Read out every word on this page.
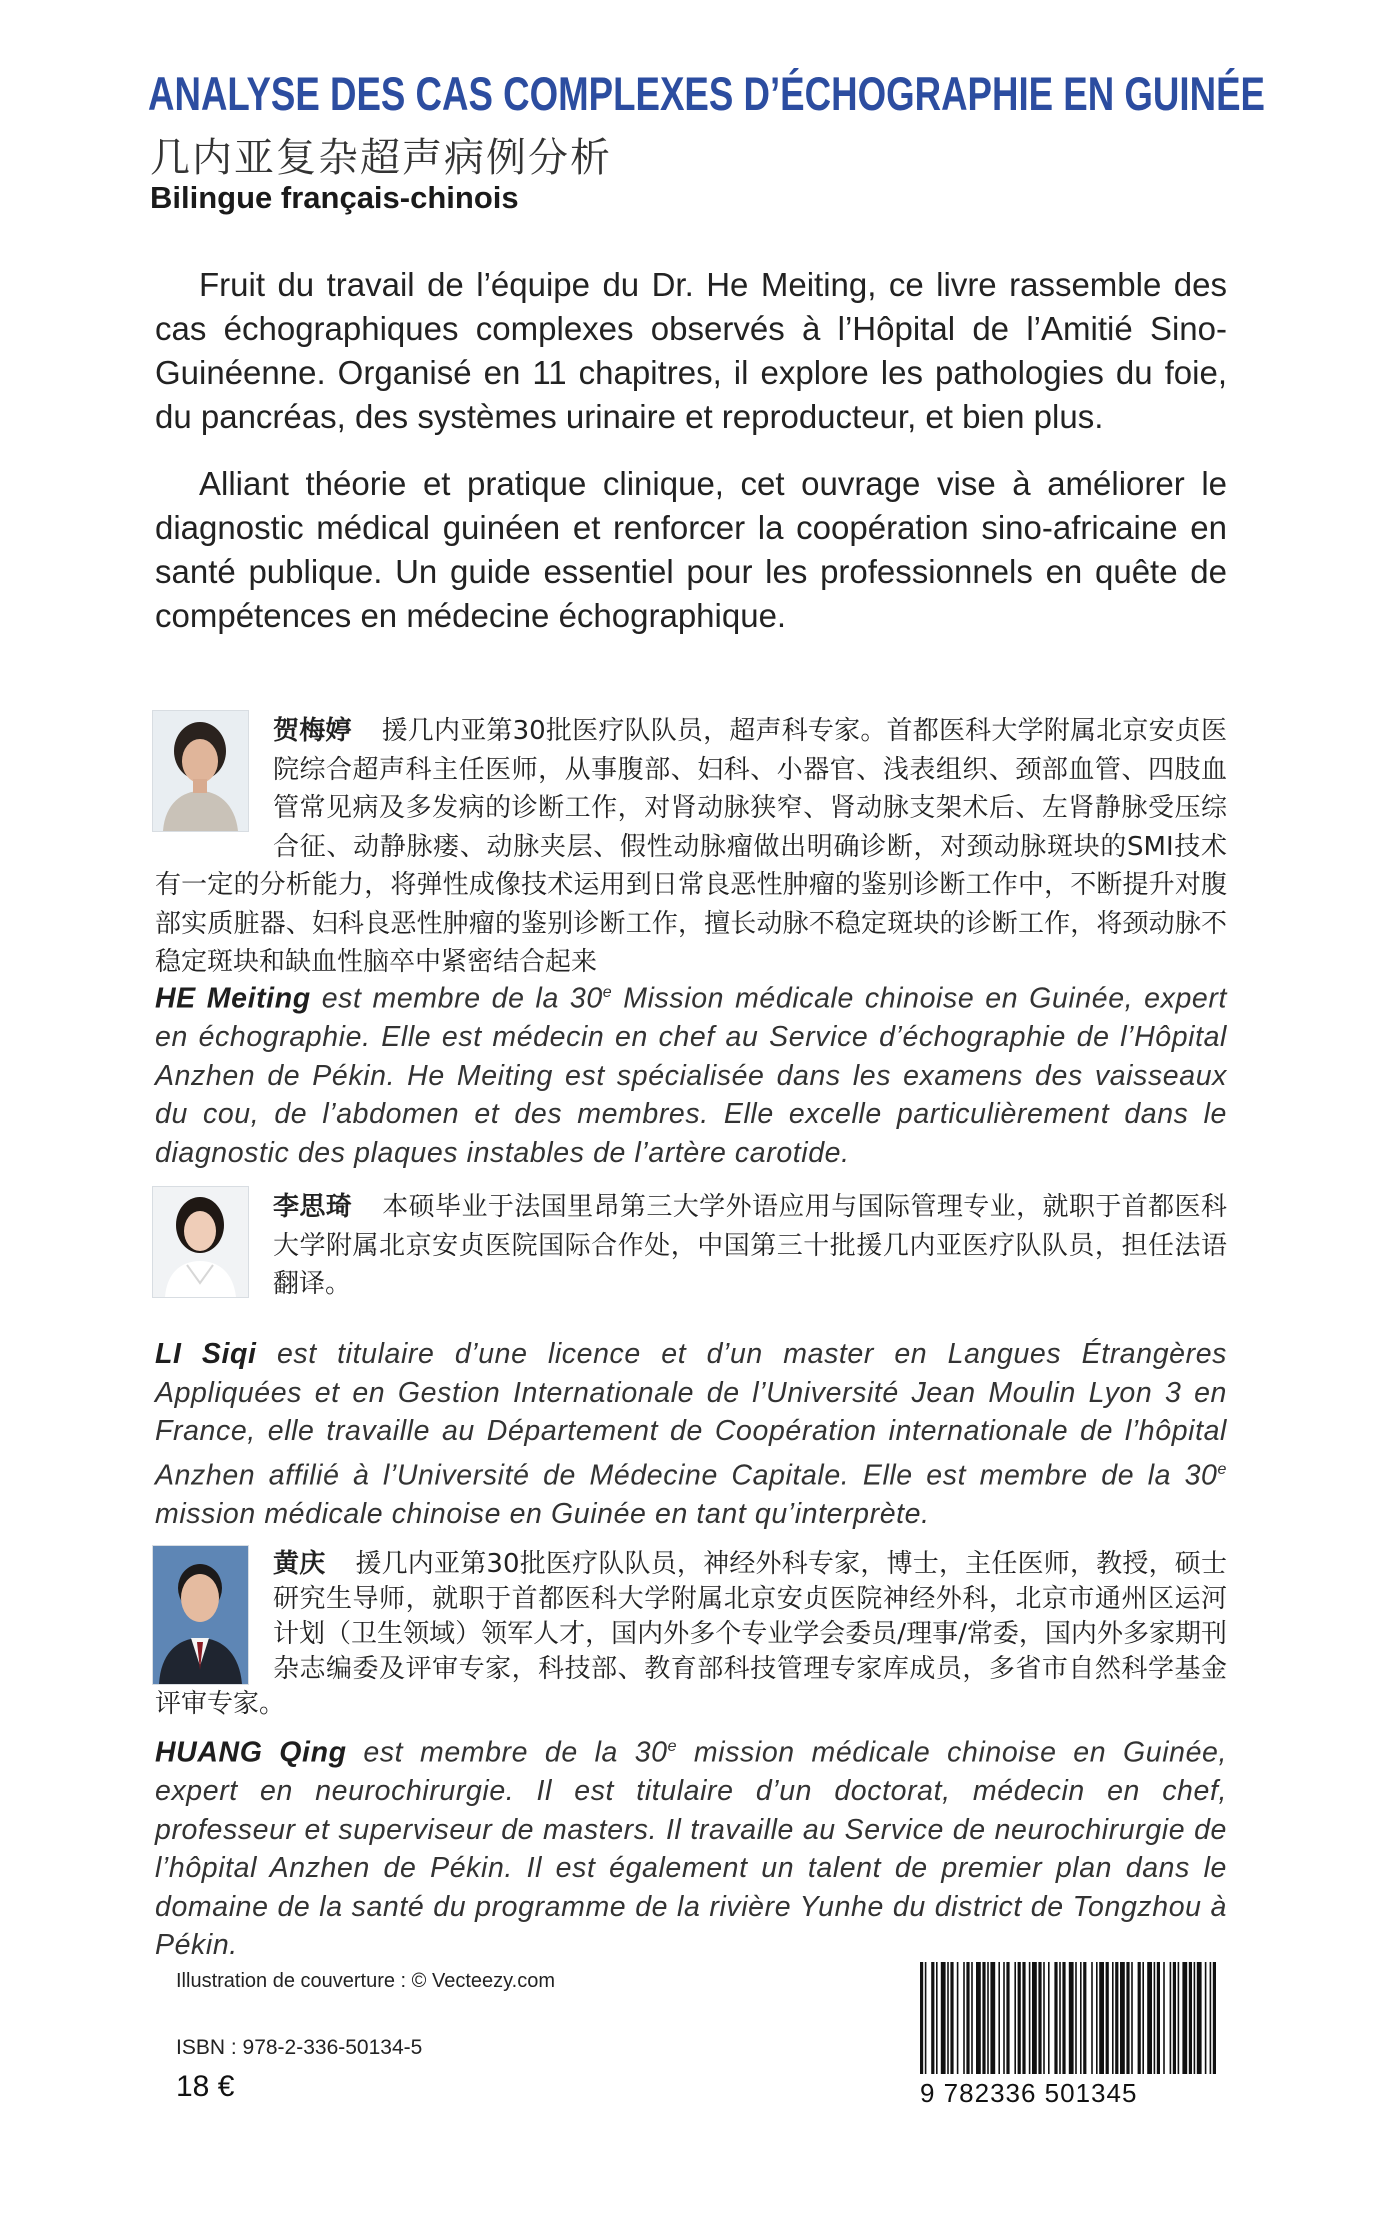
ANALYSE DES CAS COMPLEXES D’ÉCHOGRAPHIE EN GUINÉE
几内亚复杂超声病例分析
Bilingue français-chinois

Fruit du travail de l’équipe du Dr. He Meiting, ce livre rassemble des cas échographiques complexes observés à l’Hôpital de l’Amitié Sino-Guinéenne. Organisé en 11 chapitres, il explore les pathologies du foie, du pancréas, des systèmes urinaire et reproducteur, et bien plus.

Alliant théorie et pratique clinique, cet ouvrage vise à améliorer le diagnostic médical guinéen et renforcer la coopération sino-africaine en santé publique. Un guide essentiel pour les professionnels en quête de compétences en médecine échographique.

贺梅婷 援几内亚第30批医疗队队员，超声科专家。首都医科大学附属北京安贞医院综合超声科主任医师，从事腹部、妇科、小器官、浅表组织、颈部血管、四肢血管常见病及多发病的诊断工作，对肾动脉狭窄、肾动脉支架术后、左肾静脉受压综合征、动静脉瘘、动脉夹层、假性动脉瘤做出明确诊断，对颈动脉斑块的SMI技术有一定的分析能力，将弹性成像技术运用到日常良恶性肿瘤的鉴别诊断工作中，不断提升对腹部实质脏器、妇科良恶性肿瘤的鉴别诊断工作，擅长动脉不稳定斑块的诊断工作，将颈动脉不稳定斑块和缺血性脑卒中紧密结合起来
HE Meiting est membre de la 30e Mission médicale chinoise en Guinée, expert en échographie. Elle est médecin en chef au Service d’échographie de l’Hôpital Anzhen de Pékin. He Meiting est spécialisée dans les examens des vaisseaux du cou, de l’abdomen et des membres. Elle excelle particulièrement dans le diagnostic des plaques instables de l’artère carotide.
李思琦 本硕毕业于法国里昂第三大学外语应用与国际管理专业，就职于首都医科大学附属北京安贞医院国际合作处，中国第三十批援几内亚医疗队队员，担任法语翻译。
LI Siqi est titulaire d’une licence et d’un master en Langues Étrangères Appliquées et en Gestion Internationale de l’Université Jean Moulin Lyon 3 en France, elle travaille au Département de Coopération internationale de l’hôpital Anzhen affilié à l’Université de Médecine Capitale. Elle est membre de la 30e mission médicale chinoise en Guinée en tant qu’interprète.
黄庆 援几内亚第30批医疗队队员，神经外科专家，博士，主任医师，教授，硕士研究生导师，就职于首都医科大学附属北京安贞医院神经外科，北京市通州区运河计划（卫生领域）领军人才，国内外多个专业学会委员/理事/常委，国内外多家期刊杂志编委及评审专家，科技部、教育部科技管理专家库成员，多省市自然科学基金评审专家。
HUANG Qing est membre de la 30e mission médicale chinoise en Guinée, expert en neurochirurgie. Il est titulaire d’un doctorat, médecin en chef, professeur et superviseur de masters. Il travaille au Service de neurochirurgie de l’hôpital Anzhen de Pékin. Il est également un talent de premier plan dans le domaine de la santé du programme de la rivière Yunhe du district de Tongzhou à Pékin.
Illustration de couverture : © Vecteezy.com
ISBN : 978-2-336-50134-5
18 €	9 782336 501345
